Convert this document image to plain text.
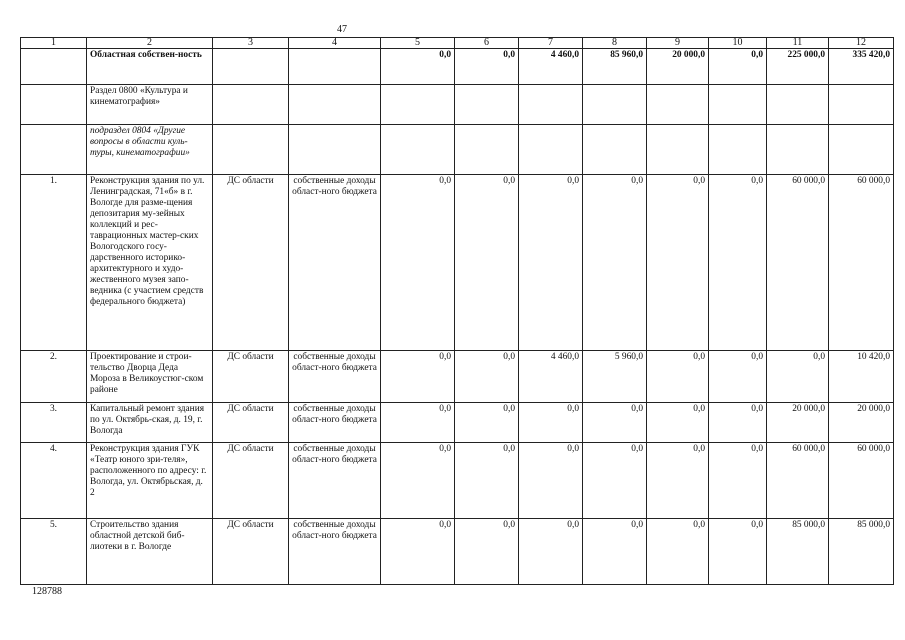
47
1	2	3	4	5	6	7	8	9	10	11	12
	Областная собствен-ность			0,0	0,0	4 460,0	85 960,0	20 000,0	0,0	225 000,0	335 420,0
	Раздел 0800 «Культура и кинематография»										
	подраздел 0804 «Другие вопросы в области куль-туры, кинематографии»										
1.	Реконструкция здания по ул. Ленинградская, 71«б» в г. Вологде для разме-щения депозитария му-зейных коллекций и рес-таврационных мастер-ских Вологодского госу-дарственного историко-архитектурного и худо-жественного музея запо-ведника (с участием средств федерального бюджета)	ДС области	собственные доходы област-ного бюджета	0,0	0,0	0,0	0,0	0,0	0,0	60 000,0	60 000,0
2.	Проектирование и строи-тельство Дворца Деда Мороза в Великоустюг-ском районе	ДС области	собственные доходы област-ного бюджета	0,0	0,0	4 460,0	5 960,0	0,0	0,0	0,0	10 420,0
3.	Капитальный ремонт здания по ул. Октябрь-ская, д. 19, г. Вологда	ДС области	собственные доходы област-ного бюджета	0,0	0,0	0,0	0,0	0,0	0,0	20 000,0	20 000,0
4.	Реконструкция здания ГУК «Театр юного зри-теля», расположенного по адресу: г. Вологда, ул. Октябрьская, д. 2	ДС области	собственные доходы област-ного бюджета	0,0	0,0	0,0	0,0	0,0	0,0	60 000,0	60 000,0
5.	Строительство здания областной детской биб-лиотеки в г. Вологде	ДС области	собственные доходы област-ного бюджета	0,0	0,0	0,0	0,0	0,0	0,0	85 000,0	85 000,0
128788
